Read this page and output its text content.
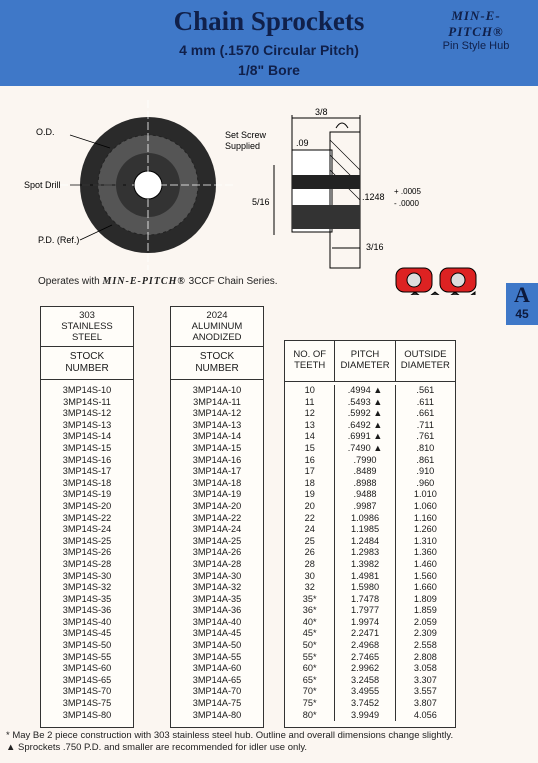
Chain Sprockets
4 mm (.1570 Circular Pitch)
1/8" Bore
MIN-E-PITCH®
Pin Style Hub
O.D.
Spot Drill
P.D. (Ref.)
Set Screw
Supplied
3/8
.09
5/16
3/16
.1248
+ .0005
- .0000
Operates with MIN-E-PITCH® 3CCF Chain Series.
A
45
303
STAINLESS
STEEL
STOCK
NUMBER
3MP14S-10
3MP14S-11
3MP14S-12
3MP14S-13
3MP14S-14
3MP14S-15
3MP14S-16
3MP14S-17
3MP14S-18
3MP14S-19
3MP14S-20
3MP14S-22
3MP14S-24
3MP14S-25
3MP14S-26
3MP14S-28
3MP14S-30
3MP14S-32
3MP14S-35
3MP14S-36
3MP14S-40
3MP14S-45
3MP14S-50
3MP14S-55
3MP14S-60
3MP14S-65
3MP14S-70
3MP14S-75
3MP14S-80
2024
ALUMINUM
ANODIZED
STOCK
NUMBER
3MP14A-10
3MP14A-11
3MP14A-12
3MP14A-13
3MP14A-14
3MP14A-15
3MP14A-16
3MP14A-17
3MP14A-18
3MP14A-19
3MP14A-20
3MP14A-22
3MP14A-24
3MP14A-25
3MP14A-26
3MP14A-28
3MP14A-30
3MP14A-32
3MP14A-35
3MP14A-36
3MP14A-40
3MP14A-45
3MP14A-50
3MP14A-55
3MP14A-60
3MP14A-65
3MP14A-70
3MP14A-75
3MP14A-80
NO. OF
TEETH
PITCH
DIAMETER
OUTSIDE
DIAMETER
10
11
12
13
14
15
16
17
18
19
20
22
24
25
26
28
30
32
35*
36*
40*
45*
50*
55*
60*
65*
70*
75*
80*
.4994 ▲
.5493 ▲
.5992 ▲
.6492 ▲
.6991 ▲
.7490 ▲
.7990
.8489
.8988
.9488
.9987
1.0986
1.1985
1.2484
1.2983
1.3982
1.4981
1.5980
1.7478
1.7977
1.9974
2.2471
2.4968
2.7465
2.9962
3.2458
3.4955
3.7452
3.9949
.561
.611
.661
.711
.761
.810
.861
.910
.960
1.010
1.060
1.160
1.260
1.310
1.360
1.460
1.560
1.660
1.809
1.859
2.059
2.309
2.558
2.808
3.058
3.307
3.557
3.807
4.056
* May Be 2 piece construction with 303 stainless steel hub. Outline and overall dimensions change slightly.
▲ Sprockets .750 P.D. and smaller are recommended for idler use only.
